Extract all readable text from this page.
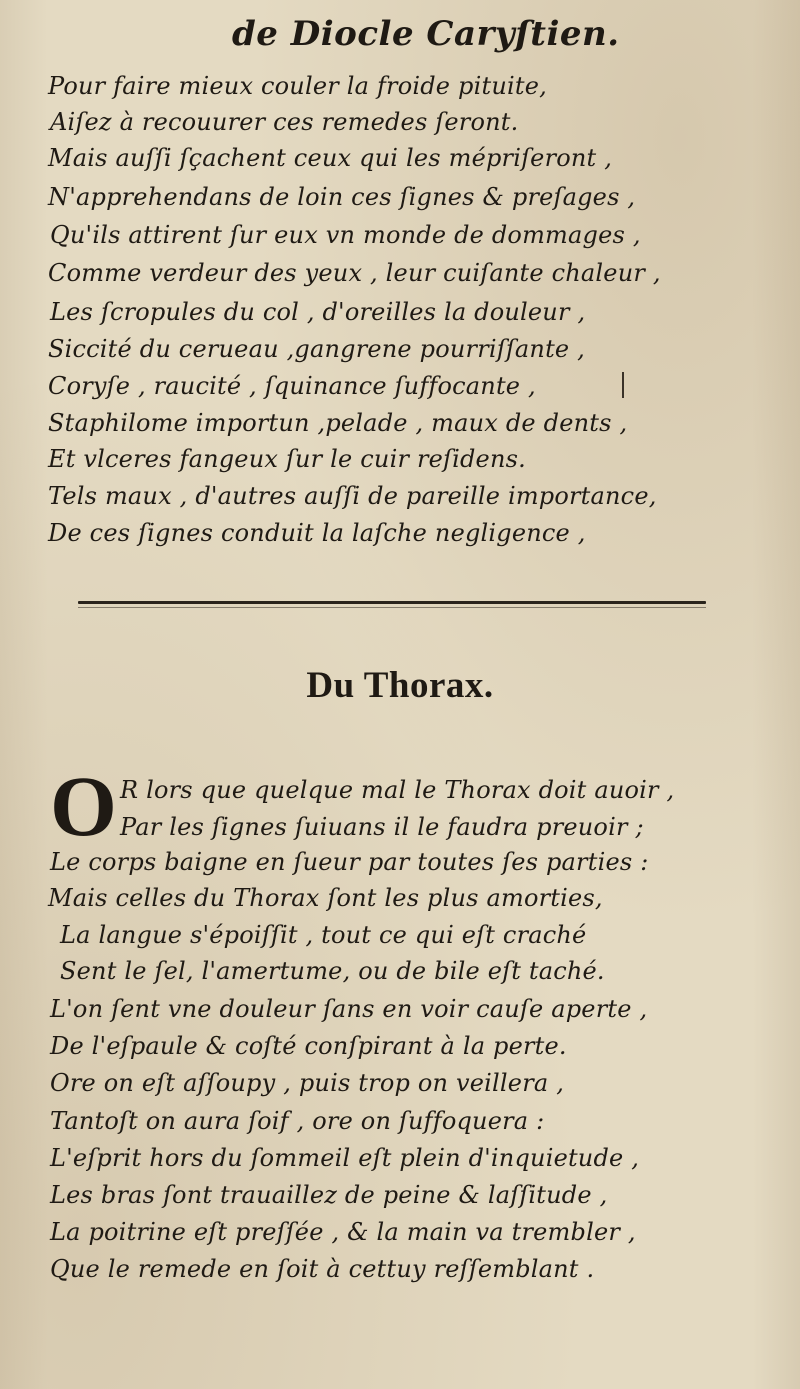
de Diocle Caryſtien.
Pour faire mieux couler la froide pituite,
Aiſez à recouurer ces remedes ſeront.
Mais auſſi ſçachent ceux qui les mépriſeront ,
N'apprehendans de loin ces ſignes & preſages ,
Qu'ils attirent ſur eux vn monde de dommages ,
Comme verdeur des yeux , leur cuiſante chaleur ,
Les ſcropules du col , d'oreilles la douleur ,
Siccité du cerueau ,gangrene pourriſſante ,
Coryſe , raucité , ſquinance ſuffocante ,
Staphilome importun ,pelade , maux de dents ,
Et vlceres fangeux ſur le cuir reſidens.
Tels maux , d'autres auſſi de pareille importance,
De ces ſignes conduit la laſche negligence ,
Du Thorax.
O R lors que quelque mal le Thorax doit auoir ,
Par les ſignes ſuiuans il le faudra preuoir ;
Le corps baigne en ſueur par toutes ſes parties :
Mais celles du Thorax ſont les plus amorties,
La langue s'époiſſit , tout ce qui eſt craché
Sent le ſel, l'amertume, ou de bile eſt taché.
L'on ſent vne douleur ſans en voir cauſe aperte ,
De l'eſpaule & coſté conſpirant à la perte.
Ore on eſt aſſoupy , puis trop on veillera ,
Tantoſt on aura ſoif , ore on ſuffoquera :
L'eſprit hors du ſommeil eſt plein d'inquietude ,
Les bras ſont trauaillez de peine & laſſitude ,
La poitrine eſt preſſée , & la main va trembler ,
Que le remede en ſoit à cettuy reſſemblant .
